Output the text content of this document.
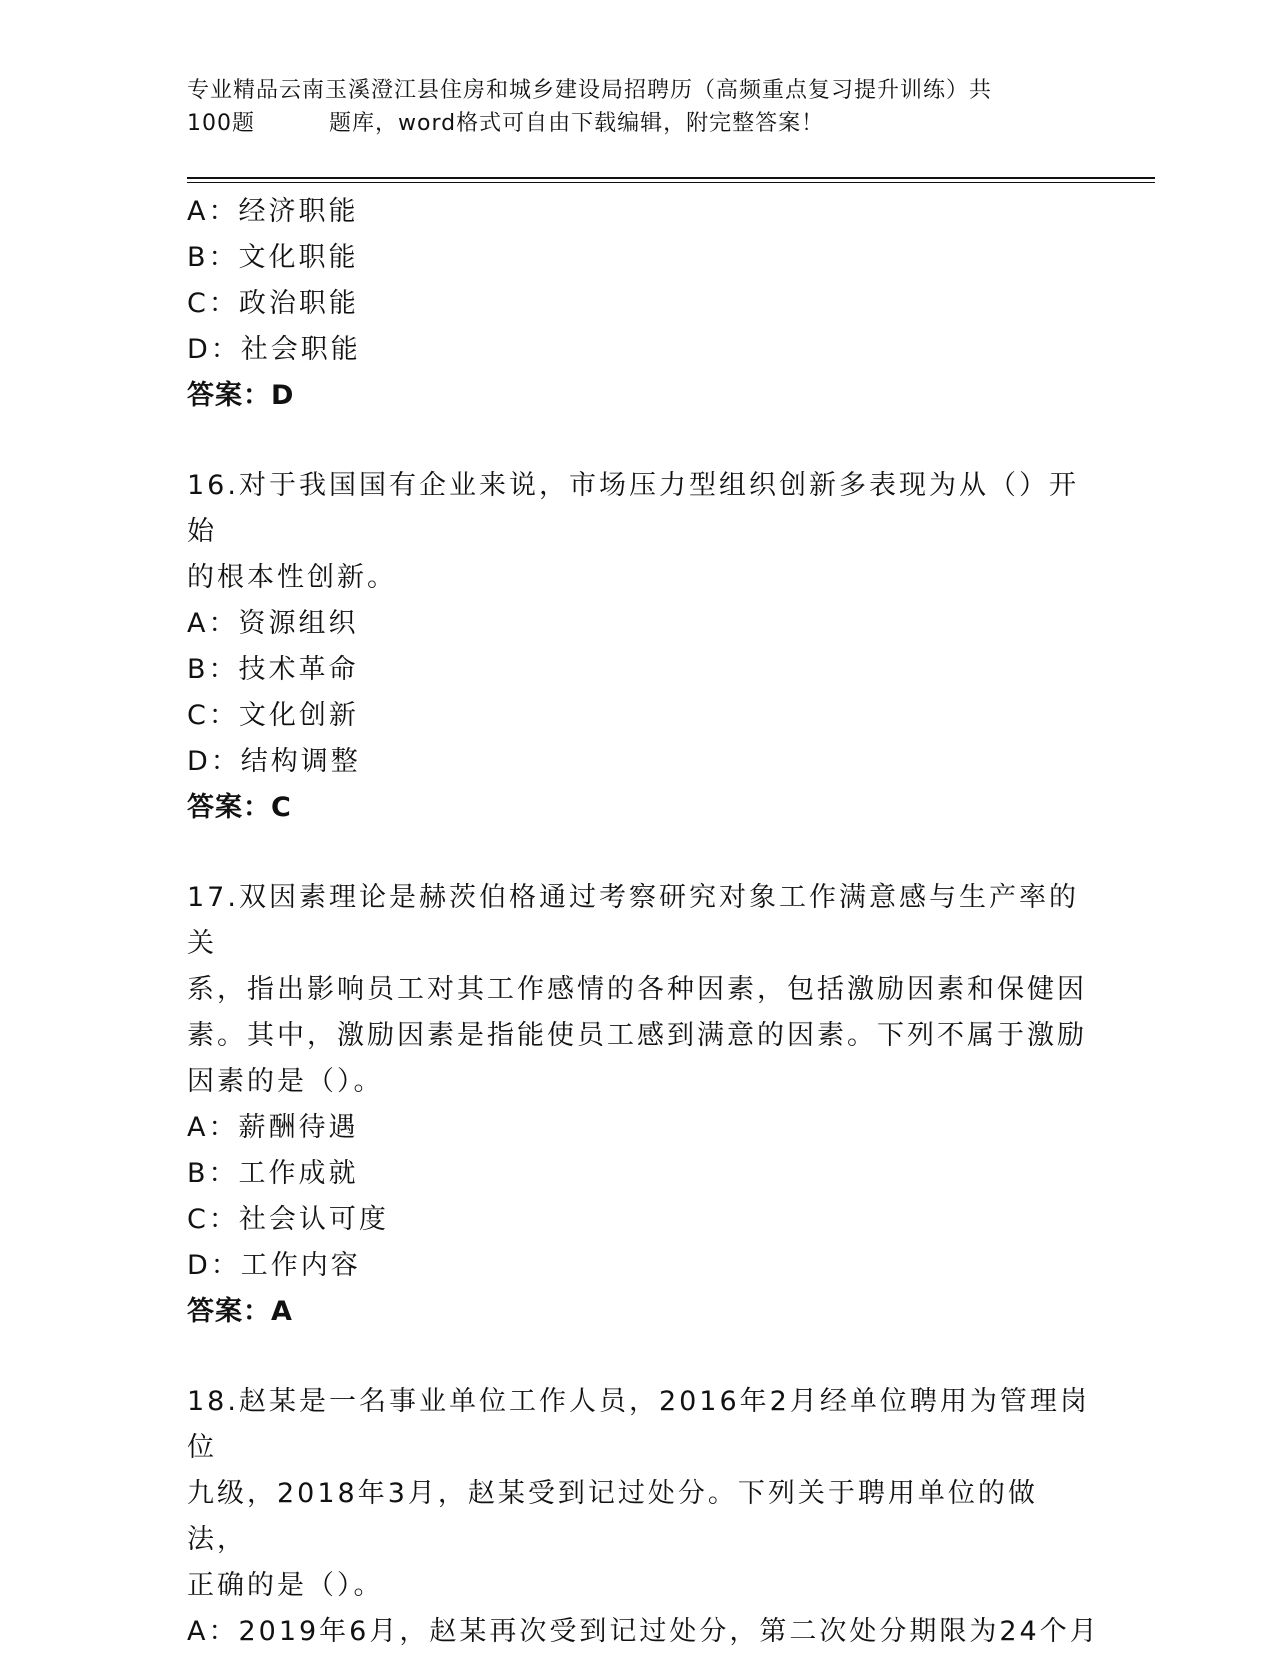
专业精品云南玉溪澄江县住房和城乡建设局招聘历（高频重点复习提升训练）共
100题	题库，word格式可自由下载编辑，附完整答案！
A：经济职能
B：文化职能
C：政治职能
D：社会职能
答案：D
16.对于我国国有企业来说，市场压力型组织创新多表现为从（）开始
的根本性创新。
A：资源组织
B：技术革命
C：文化创新
D：结构调整
答案：C
17.双因素理论是赫茨伯格通过考察研究对象工作满意感与生产率的关
系，指出影响员工对其工作感情的各种因素，包括激励因素和保健因
素。其中，激励因素是指能使员工感到满意的因素。下列不属于激励
因素的是（）。
A：薪酬待遇
B：工作成就
C：社会认可度
D：工作内容
答案：A
18.赵某是一名事业单位工作人员，2016年2月经单位聘用为管理岗位
九级，2018年3月，赵某受到记过处分。下列关于聘用单位的做法，
正确的是（）。
A：2019年6月，赵某再次受到记过处分，第二次处分期限为24个月
